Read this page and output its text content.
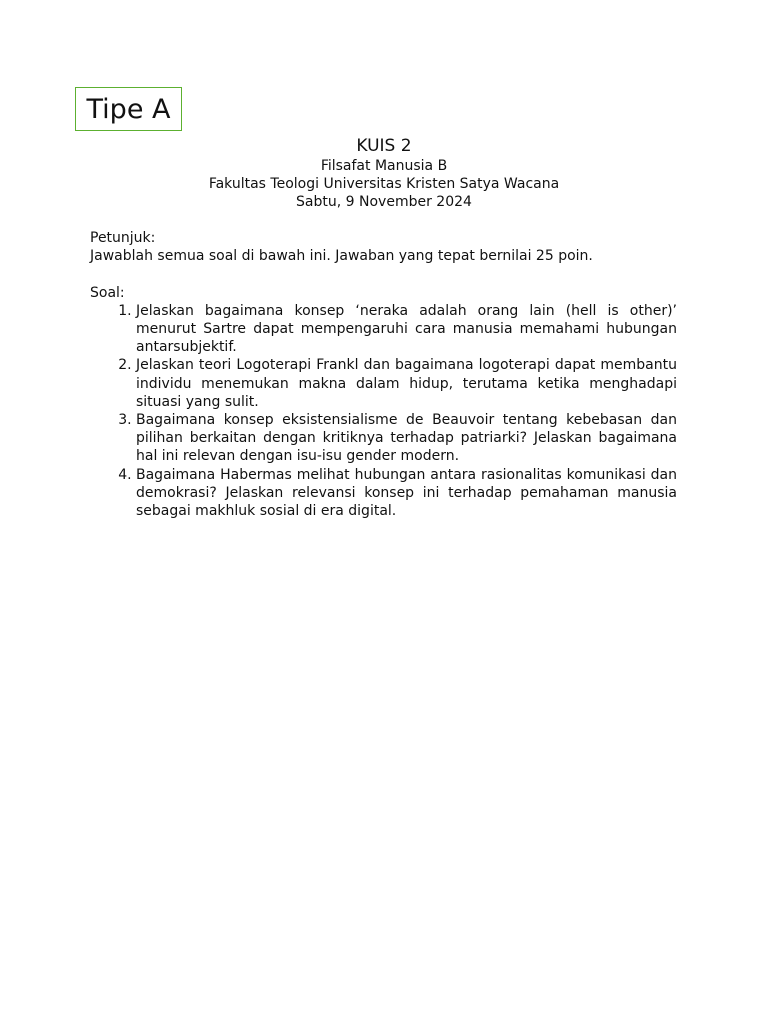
Tipe A
KUIS 2
Filsafat Manusia B
Fakultas Teologi Universitas Kristen Satya Wacana
Sabtu, 9 November 2024

Petunjuk:

Jawablah semua soal di bawah ini. Jawaban yang tepat bernilai 25 poin.

Soal:

1. Jelaskan bagaimana konsep ‘neraka adalah orang lain (hell is other)’ menurut Sartre dapat mempengaruhi cara manusia memahami hubungan antarsubjektif.
2. Jelaskan teori Logoterapi Frankl dan bagaimana logoterapi dapat membantu individu menemukan makna dalam hidup, terutama ketika menghadapi situasi yang sulit.
3. Bagaimana konsep eksistensialisme de Beauvoir tentang kebebasan dan pilihan berkaitan dengan kritiknya terhadap patriarki? Jelaskan bagaimana hal ini relevan dengan isu-isu gender modern.
4. Bagaimana Habermas melihat hubungan antara rasionalitas komunikasi dan demokrasi? Jelaskan relevansi konsep ini terhadap pemahaman manusia sebagai makhluk sosial di era digital.
